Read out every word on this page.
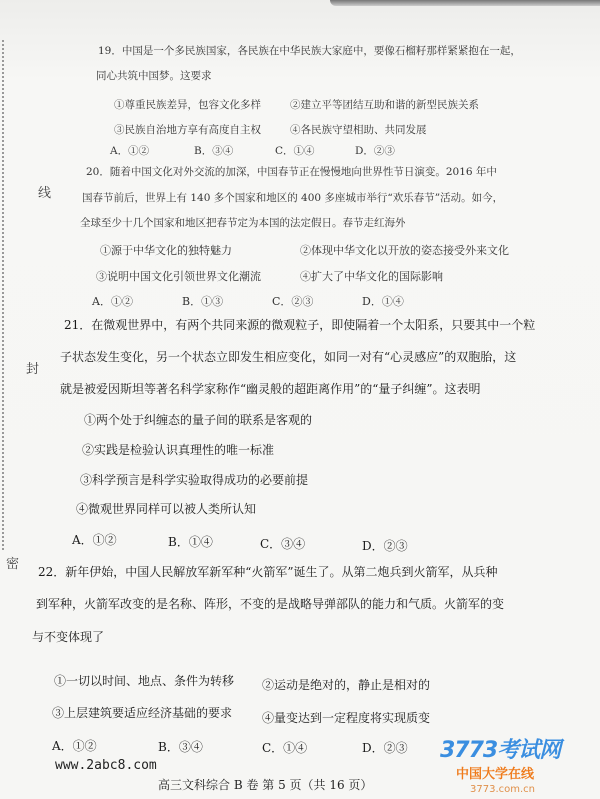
线
封
密
19．中国是一个多民族国家，各民族在中华民族大家庭中，要像石榴籽那样紧紧抱在一起，
同心共筑中国梦。这要求
①尊重民族差异，包容文化多样	②建立平等团结互助和谐的新型民族关系
③民族自治地方享有高度自主权	④各民族守望相助、共同发展
A．①②	B．③④	C．①④	D．②③
20．随着中国文化对外交流的加深，中国春节正在慢慢地向世界性节日演变。2016 年中
国春节前后，世界上有 140 多个国家和地区的 400 多座城市举行“欢乐春节”活动。如今，
全球至少十几个国家和地区把春节定为本国的法定假日。春节走红海外
①源于中华文化的独特魅力	②体现中华文化以开放的姿态接受外来文化
③说明中国文化引领世界文化潮流	④扩大了中华文化的国际影响
A．①②	B．①③	C．②③	D．①④
21．在微观世界中，有两个共同来源的微观粒子，即使隔着一个太阳系，只要其中一个粒
子状态发生变化，另一个状态立即发生相应变化，如同一对有“心灵感应”的双胞胎，这
就是被爱因斯坦等著名科学家称作“幽灵般的超距离作用”的“量子纠缠”。这表明
①两个处于纠缠态的量子间的联系是客观的
②实践是检验认识真理性的唯一标准
③科学预言是科学实验取得成功的必要前提
④微观世界同样可以被人类所认知
A．①②	B．①④	C．③④	D．②③
22．新年伊始，中国人民解放军新军种“火箭军”诞生了。从第二炮兵到火箭军，从兵种
到军种，火箭军改变的是名称、阵形，不变的是战略导弹部队的能力和气质。火箭军的变
与不变体现了
①一切以时间、地点、条件为转移 ②运动是绝对的，静止是相对的
③上层建筑要适应经济基础的要求 ④量变达到一定程度将实现质变
A．①②	B．③④	C．①④	D．②③
www.2abc8.com
高三文科综合 B 卷 第 5 页（共 16 页）
3773考试网
中国大学在线
3773.com.cn
